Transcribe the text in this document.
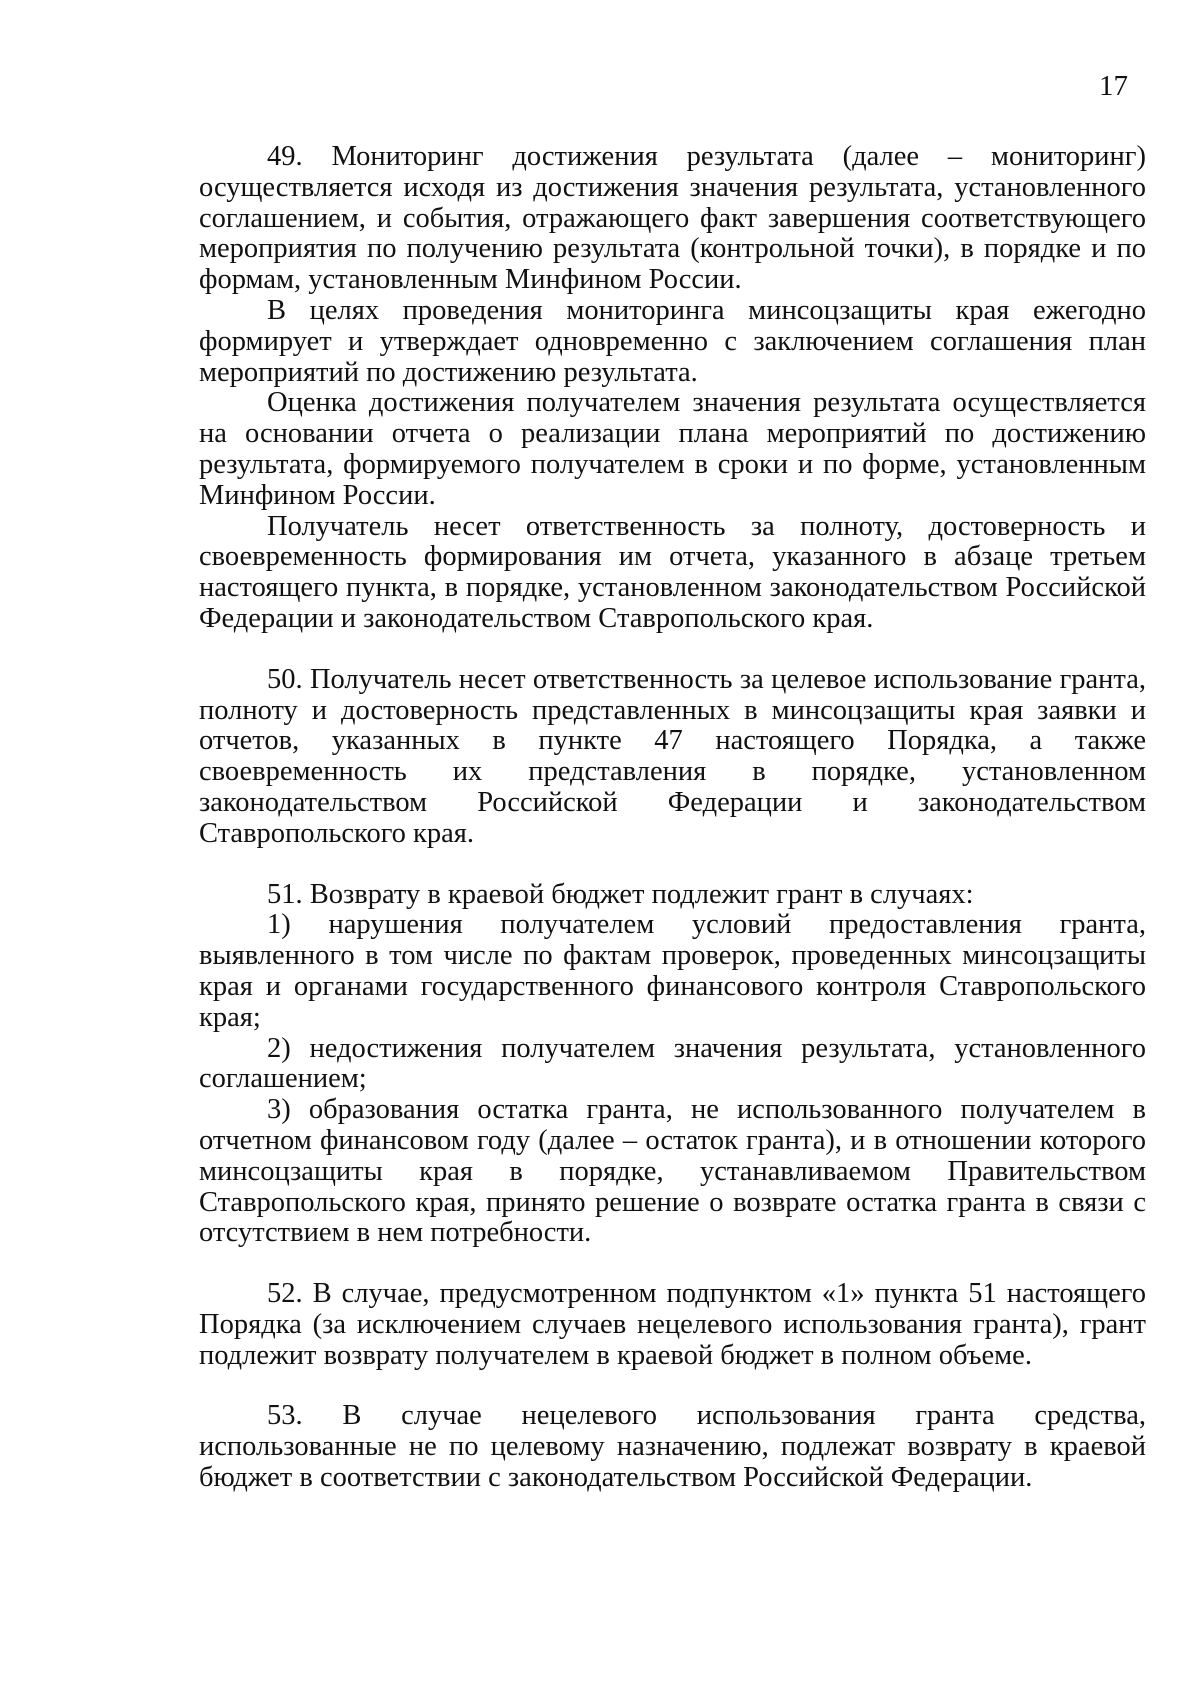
17

49. Мониторинг достижения результата (далее – мониторинг) осуществляется исходя из достижения значения результата, установленного соглашением, и события, отражающего факт завершения соответствующего мероприятия по получению результата (контрольной точки), в порядке и по формам, установленным Минфином России.

В целях проведения мониторинга минсоцзащиты края ежегодно формирует и утверждает одновременно с заключением соглашения план мероприятий по достижению результата.

Оценка достижения получателем значения результата осуществляется на основании отчета о реализации плана мероприятий по достижению результата, формируемого получателем в сроки и по форме, установленным Минфином России.

Получатель несет ответственность за полноту, достоверность и своевременность формирования им отчета, указанного в абзаце третьем настоящего пункта, в порядке, установленном законодательством Российской Федерации и законодательством Ставропольского края.

50. Получатель несет ответственность за целевое использование гранта, полноту и достоверность представленных в минсоцзащиты края заявки и отчетов, указанных в пункте 47 настоящего Порядка, а также своевременность их представления в порядке, установленном законодательством Российской Федерации и законодательством Ставропольского края.

51. Возврату в краевой бюджет подлежит грант в случаях:

1) нарушения получателем условий предоставления гранта, выявленного в том числе по фактам проверок, проведенных минсоцзащиты края и органами государственного финансового контроля Ставропольского края;

2) недостижения получателем значения результата, установленного соглашением;

3) образования остатка гранта, не использованного получателем в отчетном финансовом году (далее – остаток гранта), и в отношении которого минсоцзащиты края в порядке, устанавливаемом Правительством Ставропольского края, принято решение о возврате остатка гранта в связи с отсутствием в нем потребности.

52. В случае, предусмотренном подпунктом «1» пункта 51 настоящего Порядка (за исключением случаев нецелевого использования гранта), грант подлежит возврату получателем в краевой бюджет в полном объеме.

53. В случае нецелевого использования гранта средства, использованные не по целевому назначению, подлежат возврату в краевой бюджет в соответствии с законодательством Российской Федерации.
